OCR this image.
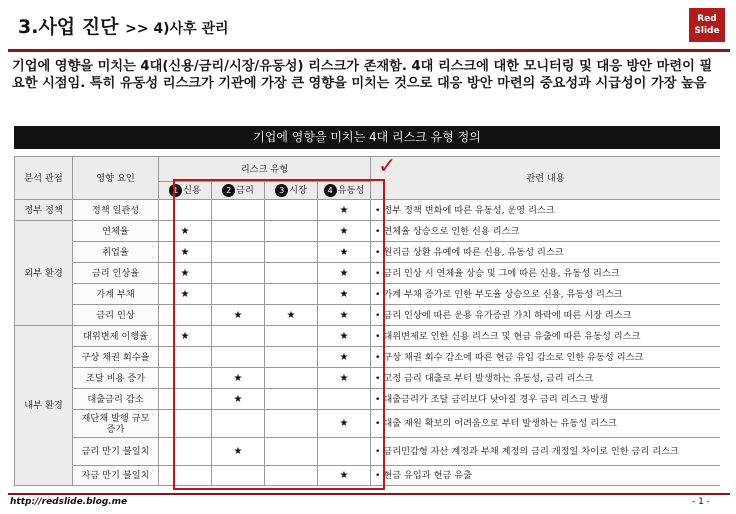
3.사업 진단 >> 4)사후 관리
Red
Slide
기업에 영향을 미치는 4대(신용/금리/시장/유동성) 리스크가 존재함. 4대 리스크에 대한 모니터링 및 대응 방안 마련이 필요한 시점임. 특히 유동성 리스크가 기관에 가장 큰 영향을 미치는 것으로 대응 방안 마련의 중요성과 시급성이 가장 높음
기업에 영향을 미치는 4대 리스크 유형 정의
분석 관점	영향 요인	리스크 유형				관련 내용
		1 신용	2 금리	3 시장	4 유동성	
정부 정책	정책 일관성				★	• 정부 정책 변화에 따른 유동성, 운영 리스크
외부 환경	연체율	★			★	• 연체율 상승으로 인한 신용 리스크
	취업율	★			★	• 원리금 상환 유예에 따른 신용, 유동성 리스크
	금리 인상율	★			★	• 금리 인상 시 연체율 상승 및 그에 따른 신용, 유동성 리스크
	가계 부채	★			★	• 가계 부채 증가로 인한 부도율 상승으로 신용, 유동성 리스크
	금리 인상		★	★	★	• 금리 인상에 따른 운용 유가증권 가치 하락에 따른 시장 리스크
내부 환경	대위변제 이행율	★			★	• 대위변제로 인한 신용 리스크 및 현금 유출에 따른 유동성 리스크
	구상 채권 회수율				★	• 구상 채권 회수 감소에 따른 현금 유입 감소로 인한 유동성 리스크
	조달 비용 증가		★		★	• 고정 금리 대출로 부터 발생하는 유동성, 금리 리스크
	대출금리 감소		★			• 대출금리가 조달 금리보다 낮아질 경우 금리 리스크 발생
	재단채 발행 규모 증가				★	• 대출 재원 확보의 어려움으로 부터 발생하는 유동성 리스크
	금리 만기 불일치		★			• 금리민감형 자산 계정과 부채 계정의 금리 개정일 차이로 인한 금리 리스크
	자금 만기 불일치				★	• 현금 유입과 현금 유출
✓
http://redslide.blog.me	- 1 -
